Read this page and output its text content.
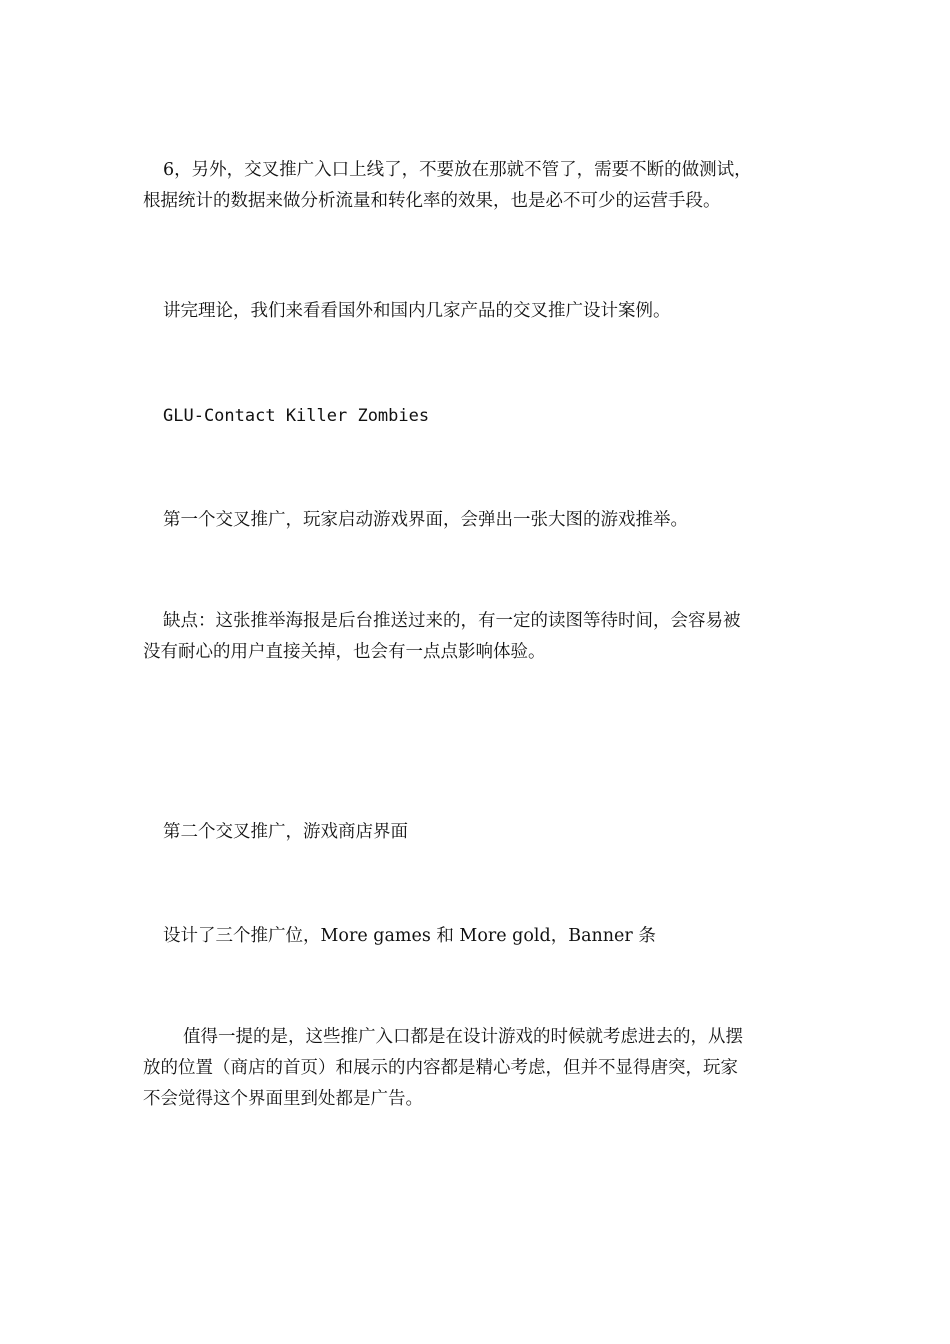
6，另外，交叉推广入口上线了，不要放在那就不管了，需要不断的做测试，
根据统计的数据来做分析流量和转化率的效果，也是必不可少的运营手段。

讲完理论，我们来看看国外和国内几家产品的交叉推广设计案例。

GLU-Contact Killer Zombies

第一个交叉推广，玩家启动游戏界面，会弹出一张大图的游戏推举。

缺点：这张推举海报是后台推送过来的，有一定的读图等待时间，会容易被
没有耐心的用户直接关掉，也会有一点点影响体验。

第二个交叉推广，游戏商店界面

设计了三个推广位，More games 和 More gold，Banner 条

值得一提的是，这些推广入口都是在设计游戏的时候就考虑进去的，从摆
放的位置（商店的首页）和展示的内容都是精心考虑，但并不显得唐突，玩家
不会觉得这个界面里到处都是广告。
